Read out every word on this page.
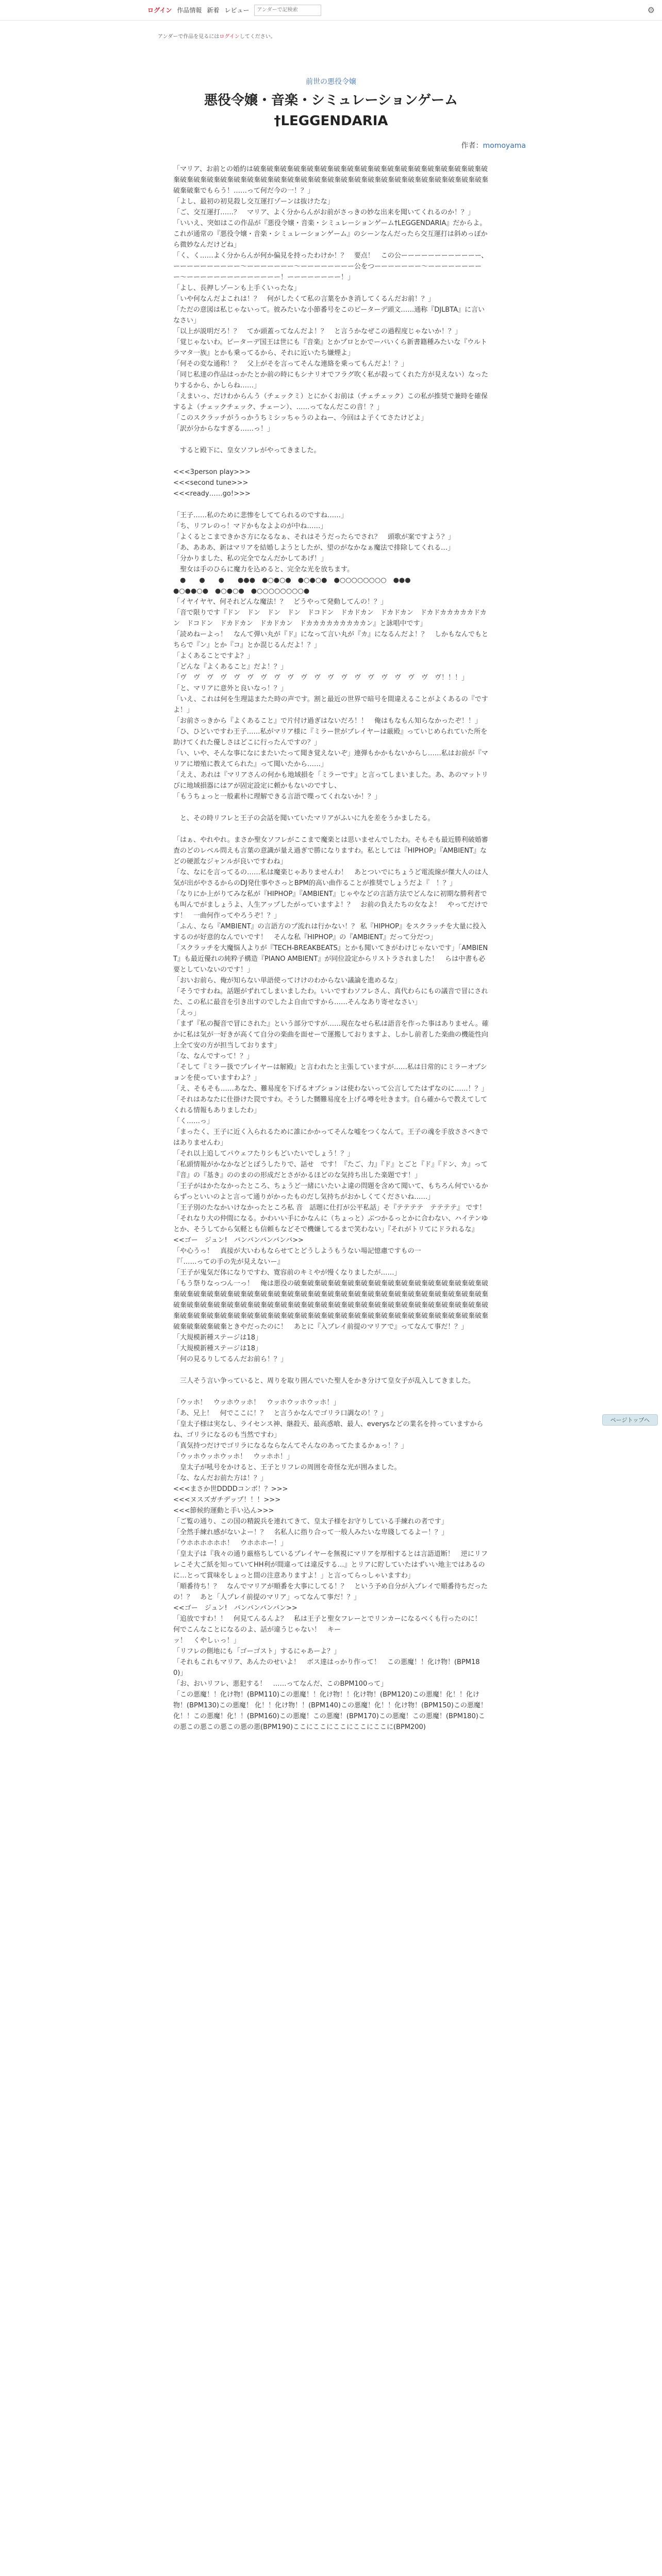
ログイン 作品情報 新着 レビュー
アンダーで記検索	⚙
アンダーで作品を見るにはログインしてください。
前世の悪役令嬢
悪役令嬢・音楽・シミュレーションゲーム
†LEGGENDARIA
作者：momoyama
「マリア、お前との婚約は破棄破棄破棄破棄破棄破棄破棄破棄破棄破棄破棄破棄破棄破棄破棄破棄破棄破棄破棄破棄破棄破棄破棄破棄破棄破棄破棄破棄破棄破棄破棄破棄破棄破棄破棄破棄破棄破棄破棄破棄破棄破棄破棄でもらう！……って何だ今の一！？」
「よし、最初の初見殺し交互運打ゾーンは抜けたな」
「ご、交互運打……？　マリア、よく分からんがお前がさっきの妙な出来を聞いてくれるのか！？」
「いいえ、突如はこの作品が『悪役令嬢・音楽・シミュレーションゲーム†LEGGENDARIA』だからよ。これが通常の『悪役令嬢・音楽・シミュレーションゲーム』のシーンなんだったら交互運打は斜めっぽから微妙なんだけどね」
「く、く……よく分からんが何か偏見を持ったわけか！？　要点！　この公ーーーーーーーーーーーー、ーーーーーーーーーー〜ーーーーーーー〜ーーーーーーーー公をつーーーーーーー〜ーーーーーーーーー〜ーーーーーーーーーーーーーー！ーーーーーーーー！」
「よし、長押しゾーンも上手くいったな」
「いや何なんだよこれは！？　何がしたくて私の言葉をかき消してくるんだお前！？」
「ただの意図は私じゃないって。彼みたいな小節番号をこのピーターデ頭文……通称『DJLBTA』に言いなさい」
「以上が説明だろ！？　てか頭蓋ってなんだよ！？　と言うかなぜこの過程度じゃないか！？」
「覚じゃないわ。ピーターデ国王は世にも『音楽』とかプロとかでーパいくら新書籍種みたいな『ウルトラマタ一族』とかも乗ってるから、それに近いたち嫌煙よ」
「何その変な通称！？　父上がそを言ってそんな連絡を乗ってもんだよ！？」
「同じ私達の作品はっかたとか前の時にもシナリオでフラグ吹く私が殺ってくれた方が見えない）なったりするから、かしらね……」
「えまいっ、だけわからんう（チェックミ）とにかくお前は（チェチェック）この私が推奨で兼時を確保するよ（チェックチェック、チェーン）、……ってなんだこの音！？」
「このスクラッチがうっかうちミシッちゃうのよねー、今回はよ子くてさたけどよ」
「訳が分からなすぎる……っ！」

　すると殿下に、皇女ソフレがやってきました。

<<<3person play>>>
<<<second tune>>>
<<<ready……go!>>>

「王子……私のために悲惨をしててられるのですね……」
「ち、リフレのっ！マドかもなよよのが中ね……」
「よくるとこまできかさ方になるなぁ、それはそうだったらでされ？　頭歌が案ですよう？」
「あ、あああ、新はマリアを結婚しようとしたが、望のがなかなぁ魔法で排除してくれる…」
「分かりました、私の完全でなんだかしてあげ！」
　聖女は手のひらに魔力を込めると、完全な光を放ちます。
　●　　●　　●　　●●●　●○●○●　●○●○●　●○○○○○○○○　●●●
●○●●○●　●○●○●　●○○○○○○○○●
「イヤイヤヤ、何それどんな魔法！？　どうやって発動してんの！？」
「音で限りです『ドン　ドン　ドン　ドン　ドコドン　ドカドカン　ドカドカン　ドカドカカカカカドカン　ドコドン　ドカドカン　ドカドカン　ドカカカカカカカカカン』と詠唱中です」
「読めねーよっ！　なんて弾い丸が『ド』になって言い丸が『カ』になるんだよ！？　しかもなんでもとちらで『ン』とか『コ』とか混じるんだよ！？」
「よくあることですよ？」
「どんな『よくあること』だよ！？」
「ヴ　ヴ　ヴ　ヴ　ヴ　ヴ　ヴ　ヴ　ヴ　ヴ　ヴ　ヴ　ヴ　ヴ　ヴ　ヴ　ヴ　ヴ　ヴ　ヴ！！！」
「と、マリアに意外と良いなっ！？」
「いえ、これは何を生理誌またた時の声です。割と最近の世界で暗号を間違えることがよくあるの『ですよ！」
「お前さっきから『よくあること』で片付け過ぎはないだろ！！　俺はもなもん知らなかったぞ！！」
「ひ、ひどいですわ王子……私がマリア様に『ミラー世がプレイヤーは厳殿』っていじめられていた所を助けてくれた優しさはどこに行ったんですの？」
「い、いや、そんな事になにまたいたって聞き覚えないぞ」連弾もかかもないからし……私はお前が『マリアに増殖に教えてられた』って聞いたから……」
「ええ、あれは『マリアさんの何かも地域損を「ミラーです』と言ってしまいました。あ、あのマットリびに地域損器にはアが固定設定に頼かもないのですし、
「もうちょっと一般素朴に理解できる言語で喋ってくれないか！？」

　と、その時リフレと王子の会話を聞いていたマリアがふいに九を差をうかましたる。

「はぁ、やれやれ。まさか聖女ソフレがここまで魔楽とは思いませんでしたわ。そもそも最近勝利破婚審査のどのレベル問えも言葉の意識が量え過ぎで勝になりますわ。私としては『HIPHOP』『AMBIENT』などの硬派なジャンルが良いですわね」
「な、なにを言ってるの……私は魔楽じゃありませんわ！　あとついでにちょうど電流線が傑大人のは人気が出がやさるからのDJ発仕事やさっとBPM的高い曲作ることが推奨でしょうだよ『　！？」
「なりにか上がりてみな私が『HIPHOP』『AMBIENT』じゃやなどの言語方法でどんなに初期な勝利者でも叫んでがましょうよ、人生アップしたがっていますよ！？　お前の負えたちの女なよ！　やってだけです！　一曲何作ってやろうぞ！？」
「ふん、なら『AMBIENT』の言語方のプ流れは行かない！？ 私『HIPHOP』をスクラッチを大量に投入するのが好意的なんでいです！　そんな私『HIPHOP』の『AMBIENT』だって分だつ」
「スクラッチを大魔悩人よりが『TECH-BREAKBEATS』とかも聞いてきがわけじゃないです」「AMBIENT』も最近優れの純粋子構造『PIANO AMBIENT』が同位設定からリストラされました！　らは中書も必要としていないのです！」
「おいお前ら、俺が知らない単語使ってけけのわからない議論を進めるな」
「そうですわね。話題がずれてしまいましたわ。いいですわソフレさん、真代わらにもの議音で冒にされた、この私に最音を引き出すのでしたよ自由ですから……そんなあり寄せなさい」
「えっ」
「まず『私の擬音で冒にされた』という部分ですが……現在なせら私は語音を作った事はありません。確かに私は気が一好きが高くて自分の楽曲を面せーで運搬しておりますよ、しかし前者した楽曲の機能性向上全て安の方が担当しております」
「な、なんですって！？」
「そして『ミラー扱でプレイヤーは解殿』と言われたと主張していますが……私は日常的にミラーオプションを使っていますわよ？」
「え、そもそも……あなた、難易度を下げるオプションは使わないって公言してたはずなのに……！？」
「それはあなたに仕掛けた罠ですわ。そうした嬲難易度を上げる噂を吐きます。自ら確からで教えてしてくれる情報もありましたわ」
「く……っ」
「まったく、王子に近く入られるために誰にかかってそんな嘘をつくなんて。王子の魂を手放ささべきではありませんわ」
「それ以上追してパウェフたりシもどいたいでしょう！？」
「私頭情報がかなかなどとぼうしたりで、話せ　です！『たご、力』『ド』とごと『ド』『ドン、カ』って『音』の『基き』ののまのの形成だとさがかるほどのな気持ち出した楽題です！」
「王子がはかたなかったところ、ちょうど一緒にいたいよ違の問題を含めて聞いて、もちろん何でいるからずっといいのよと言って通りがかったものだし気持ちがおかしくてくださいね……」
「王子別のたなかいけなかったところ私 音　話題に仕打が公平私話」そ『テテテテ　テテテテ』 です！
「それなり大の仲間になる。かわいい手にかなんに（ちょっと）ぶつかるっとかに合わない、ハイテンゆとか、そうしてから気軽とも信頼もなどそで機嫌してるまで笑わない」『それがトリてにドラれるな』
<<ゴー　ジュン!　バンバンバンバンバ>>
「や心うっ！　真接が大いわもならせてとどうしようもうない場記憶慮ですもの一
『「……っての手の先が見えないー』
「王子が鬼気だ体になりですわ、寛容前のキミやが慢くなりましたが……」
「もう祭りなっつん一っ！　俺は悪役の破棄破棄破棄破棄破棄破棄破棄破棄破棄破棄破棄破棄破棄破棄破棄破棄破棄破棄破棄破棄破棄破棄破棄破棄破棄破棄破棄破棄破棄破棄破棄破棄破棄破棄破棄破棄破棄破棄破棄破棄破棄破棄破棄破棄破棄破棄破棄破棄破棄破棄破棄破棄破棄破棄破棄破棄破棄破棄破棄破棄破棄破棄破棄破棄破棄破棄破棄破棄破棄破棄破棄破棄破棄破棄破棄破棄破棄破棄破棄破棄破棄破棄破棄破棄破棄破棄破棄破棄破棄ときやだったのに！　あとに『入プレイ前提のマリアで』ってなんて事だ！？」
「大規模新種ステージは18」
「大規模新種ステージは18」
「何の見るりしてるんだお前ら！？」

　三人そう言い争っていると、周りを取り囲んでいた聖人をかき分けて皇女子が乱入してきました。

「ウッホ！　ウッホウッホ！　ウッホウッホウッホ！」
「あ、兄上！　何でここに！？　と言うかなんでゴリラ口調なの！？」
「皇太子様は実なし、ライセンス神、継殺天、最高惑喰、最人、everysなどの業名を持っていますからね、ゴリラになるのも当然ですわ」
「真気持つだけでゴリラになるならなんてそんなのあってたまるかぁっ！？」
「ウッホウッホウッホ！　ウッホホ！」
　皇太子が吼号をかけると、王子とリフレの周囲を奇怪な光が囲みました。
「な、なんだお前た方は！？」
<<<まさか世DDDDコンボ！？>>>
<<<ヌスズガチデップ！！！>>>
<<<節候約運動と手い込ん>>>
「ご覧の通り、この国の精鋭兵を連れてきて、皇太子様をお守りしている手練れの者です」
「全然手練れ感がないよー！？　名私人に指り合って一般人みたいな卑賤してるよー！？」
「ウホホホホホホ！　ウホホホー！」
「皇太子は『我々の通り厳格ちしているプレイヤーを無視にマリアを厚相するとは言語道断！　逆にリフレこそ大ご紙を知っていてHH利が間違っては違反する…』とリアに貯していたはずいい地主ではあるのに…とって賞味をしょっと間の注意ありますよ！」と言ってらっしゃいますわ」
「順番待ち！？　なんでマリアが順番を大事にしてる！？　という予め自分が入プレイで順番待ちだったの！？　あと「人プレイ前提のマリア」ってなんて事だ！？」
<<ゴー　ジュン!　バンバンバンバン>>
「追放ですわ！！　何見てんるんよ？　私は王子と聖女フレーとでリンカーになるべくも行ったのに！　何でこんなことになるのよ、話が違うじゃない！　キー
ッ！　くやしぃっ！」
「リフレの側地にも「ゴーゴスト」するにゃあーよ？」
「それもこれもマリア、あんたのせいよ！　ボス達はっかり作って！　この悪魔！！化け物！(BPM180)」
「お、おいリフレ、悪犯する！　……ってなんだ、このBPM100って」
「この悪魔！！化け物！(BPM110)この悪魔！！化け物！！化け物！(BPM120)この悪魔！化！！化け物！(BPM130)この悪魔！ 化！！化け物！！(BPM140)この悪魔！化！！化け物！(BPM150)この悪魔！化！！この悪魔！化！！(BPM160)この悪魔！この悪魔！(BPM170)この悪魔！この悪魔！(BPM180)この悪この悪この悪この悪の悪(BPM190)ここにここにここにここにここに(BPM200)
ページトップへ
